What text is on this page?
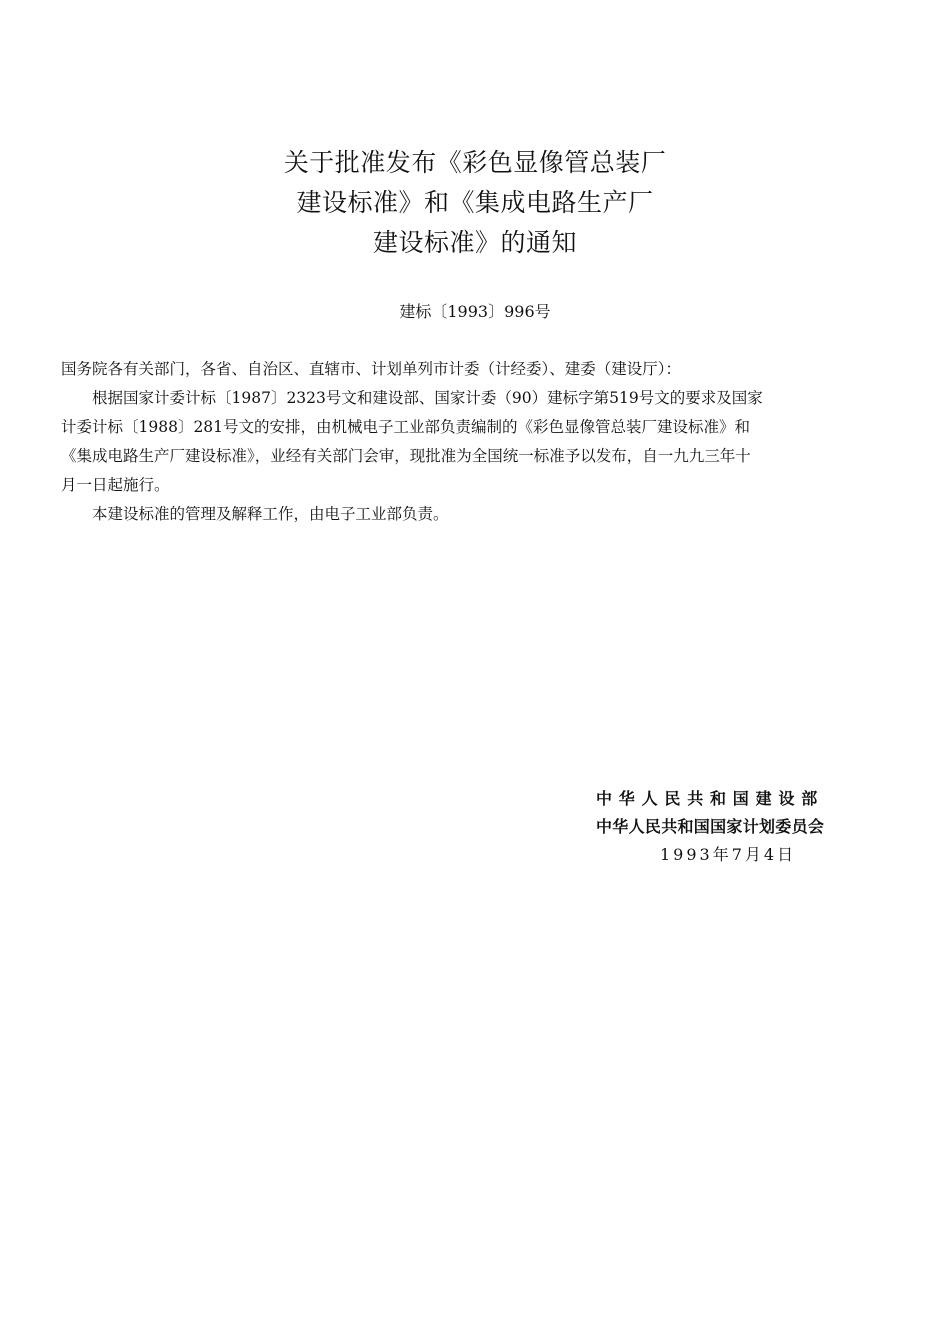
关于批准发布《彩色显像管总装厂
建设标准》和《集成电路生产厂
建设标准》的通知
建标〔1993〕996号

国务院各有关部门，各省、自治区、直辖市、计划单列市计委（计经委）、建委（建设厅）：

根据国家计委计标〔1987〕2323号文和建设部、国家计委（90）建标字第519号文的要求及国家

计委计标〔1988〕281号文的安排，由机械电子工业部负责编制的《彩色显像管总装厂建设标准》和

《集成电路生产厂建设标准》，业经有关部门会审，现批准为全国统一标准予以发布，自一九九三年十

月一日起施行。

本建设标准的管理及解释工作，由电子工业部负责。

中华人民共和国建设部
中华人民共和国国家计划委员会
1993年7月4日
